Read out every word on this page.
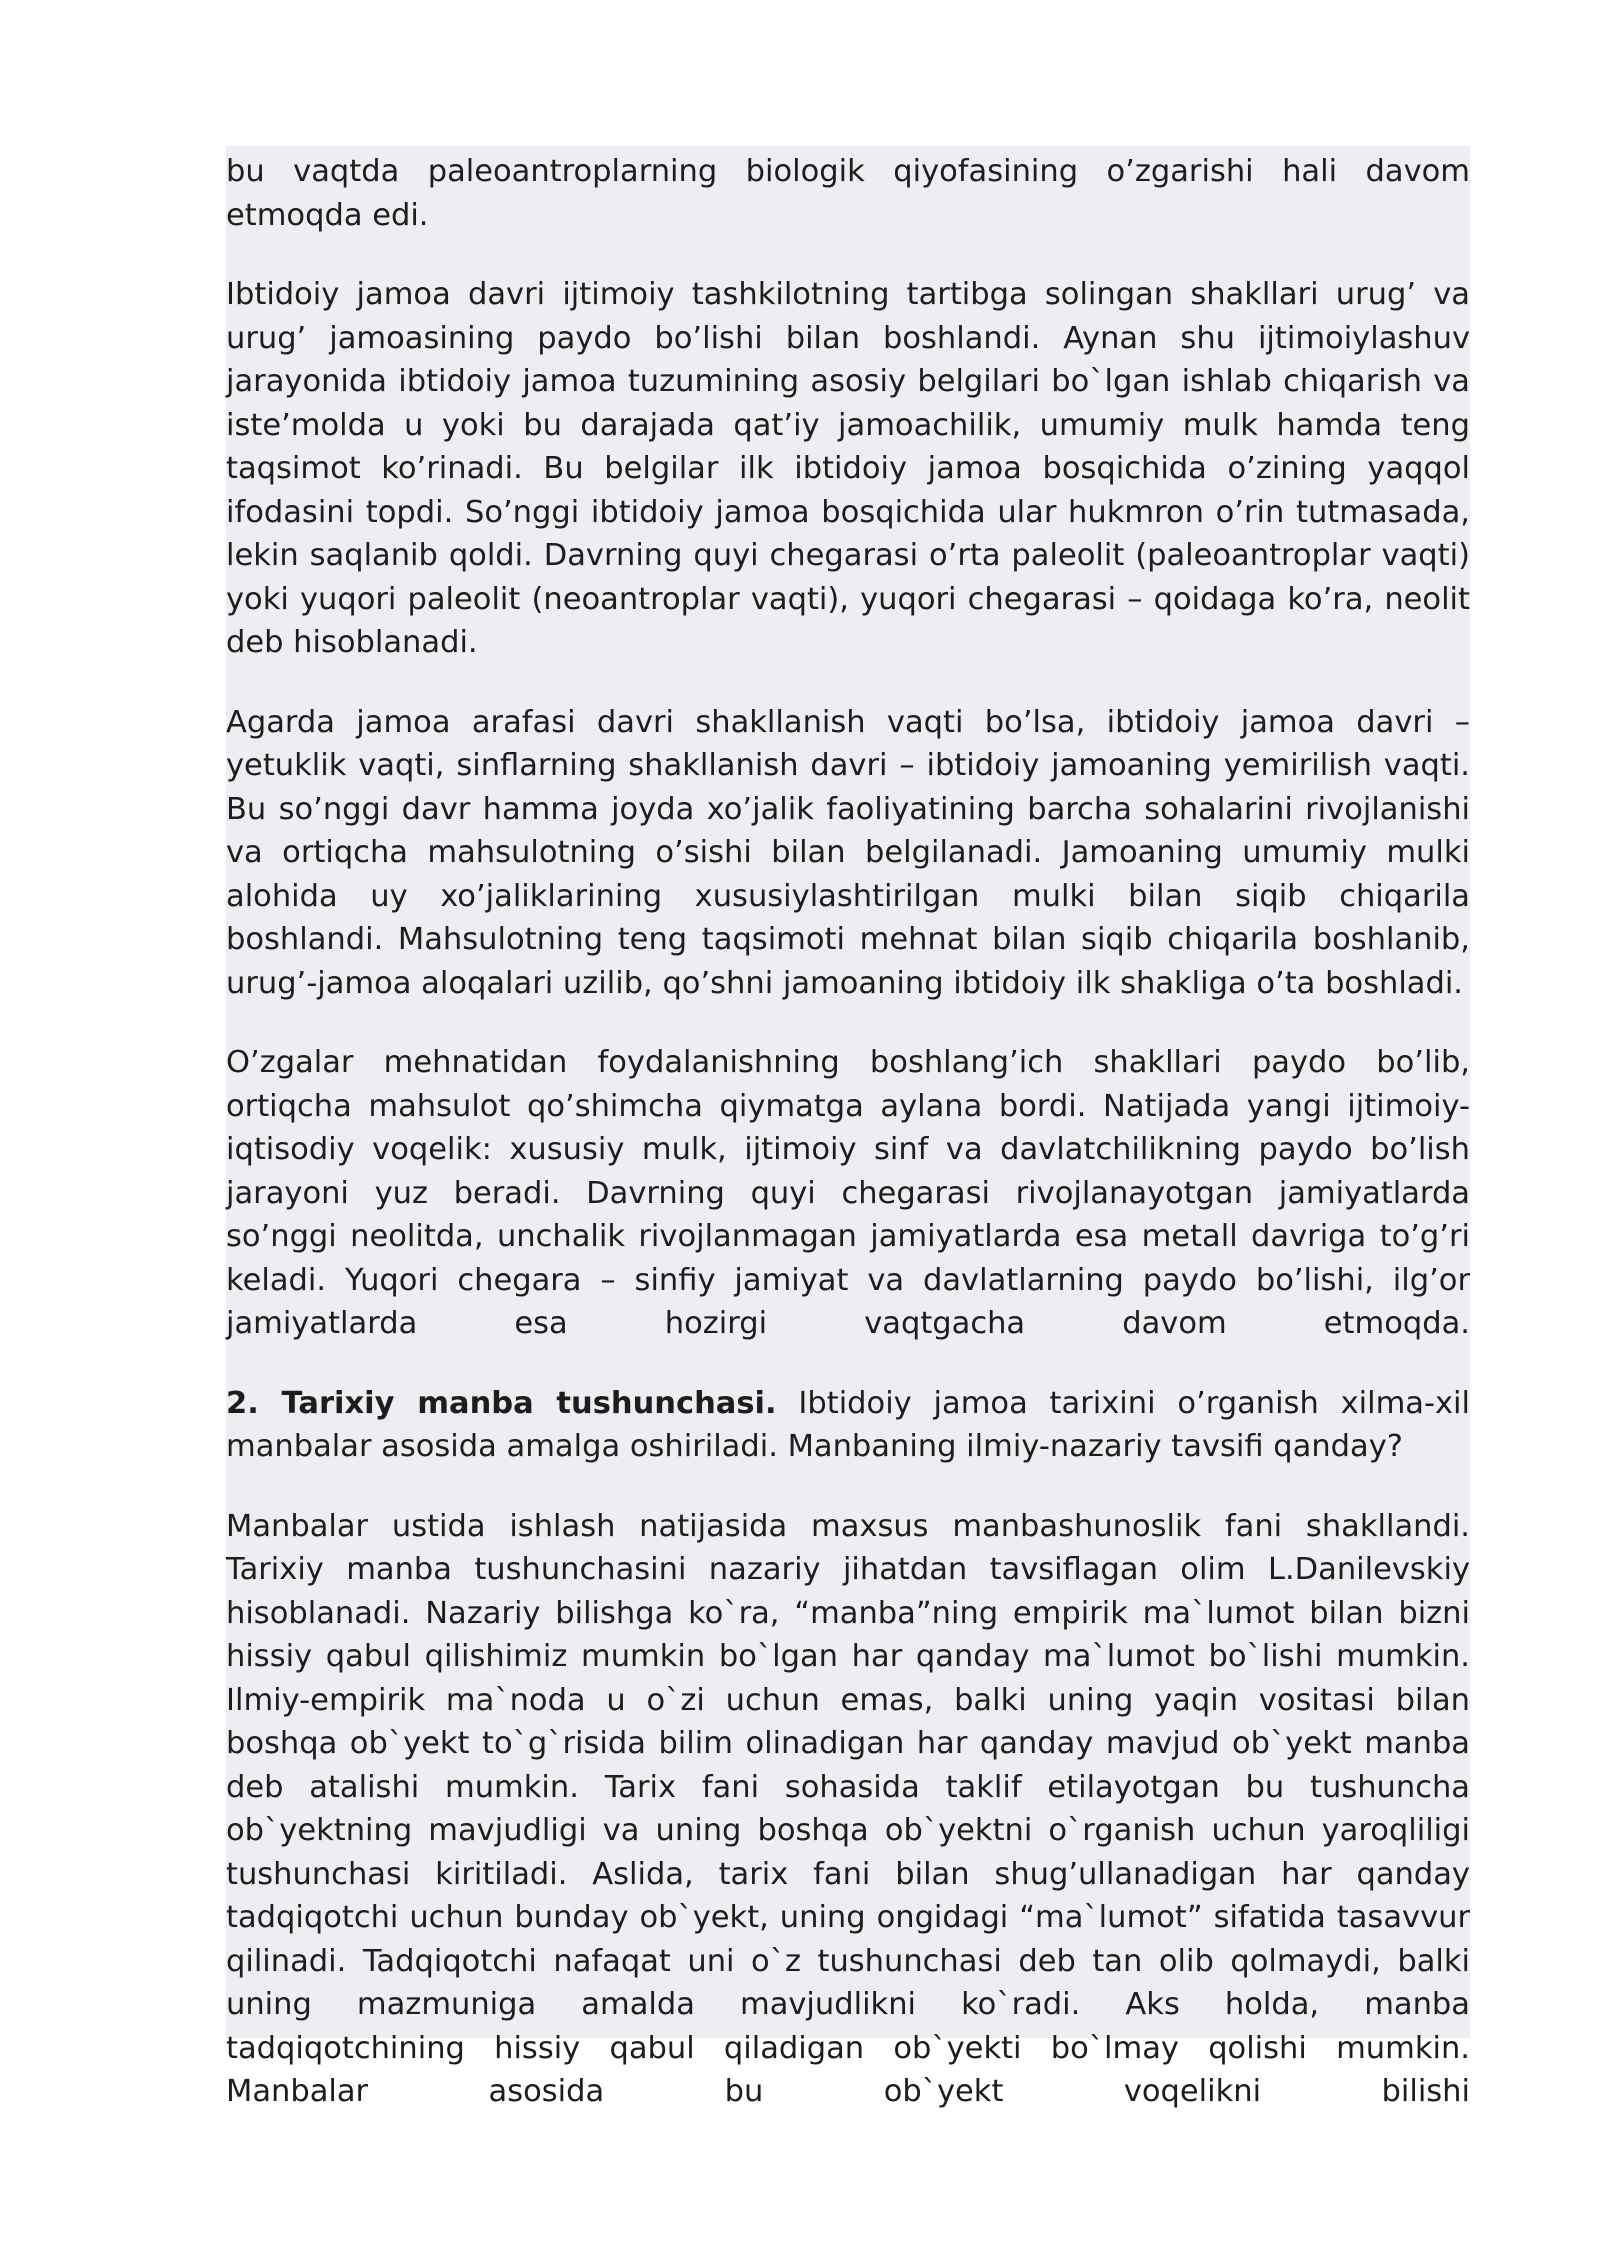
bu vaqtda paleoantroplarning biologik qiyofasining o’zgarishi hali davom etmoqda edi.

Ibtidoiy jamoa davri ijtimoiy tashkilotning tartibga solingan shakllari urug’ va urug’ jamoasining paydo bo’lishi bilan boshlandi. Aynan shu ijtimoiylashuv jarayonida ibtidoiy jamoa tuzumining asosiy belgilari bo`lgan ishlab chiqarish va iste’molda u yoki bu darajada qat’iy jamoachilik, umumiy mulk hamda teng taqsimot ko’rinadi. Bu belgilar ilk ibtidoiy jamoa bosqichida o’zining yaqqol ifodasini topdi. So’nggi ibtidoiy jamoa bosqichida ular hukmron o’rin tutmasada, lekin saqlanib qoldi. Davrning quyi chegarasi o’rta paleolit (paleoantroplar vaqti) yoki yuqori paleolit (neoantroplar vaqti), yuqori chegarasi – qoidaga ko’ra, neolit deb hisoblanadi.

Agarda jamoa arafasi davri shakllanish vaqti bo’lsa, ibtidoiy jamoa davri – yetuklik vaqti, sinflarning shakllanish davri – ibtidoiy jamoaning yemirilish vaqti. Bu so’nggi davr hamma joyda xo’jalik faoliyatining barcha sohalarini rivojlanishi va ortiqcha mahsulotning o’sishi bilan belgilanadi. Jamoaning umumiy mulki alohida uy xo’jaliklarining xususiylashtirilgan mulki bilan siqib chiqarila boshlandi. Mahsulotning teng taqsimoti mehnat bilan siqib chiqarila boshlanib, urug’-jamoa aloqalari uzilib, qo’shni jamoaning ibtidoiy ilk shakliga o’ta boshladi.

O’zgalar mehnatidan foydalanishning boshlang’ich shakllari paydo bo’lib, ortiqcha mahsulot qo’shimcha qiymatga aylana bordi. Natijada yangi ijtimoiy-iqtisodiy voqelik: xususiy mulk, ijtimoiy sinf va davlatchilikning paydo bo’lish jarayoni yuz beradi. Davrning quyi chegarasi rivojlanayotgan jamiyatlarda so’nggi neolitda, unchalik rivojlanmagan jamiyatlarda esa metall davriga to’g’ri keladi. Yuqori chegara – sinfiy jamiyat va davlatlarning paydo bo’lishi, ilg’or jamiyatlarda esa hozirgi vaqtgacha davom etmoqda.

2. Tarixiy manba tushunchasi. Ibtidoiy jamoa tarixini o’rganish xilma-xil manbalar asosida amalga oshiriladi. Manbaning ilmiy-nazariy tavsifi qanday?

Manbalar ustida ishlash natijasida maxsus manbashunoslik fani shakllandi. Tarixiy manba tushunchasini nazariy jihatdan tavsiflagan olim L.Danilevskiy hisoblanadi. Nazariy bilishga ko`ra, “manba”ning empirik ma`lumot bilan bizni hissiy qabul qilishimiz mumkin bo`lgan har qanday ma`lumot bo`lishi mumkin. Ilmiy-empirik ma`noda u o`zi uchun emas, balki uning yaqin vositasi bilan boshqa ob`yekt to`g`risida bilim olinadigan har qanday mavjud ob`yekt manba deb atalishi mumkin. Tarix fani sohasida taklif etilayotgan bu tushuncha ob`yektning mavjudligi va uning boshqa ob`yektni o`rganish uchun yaroqliligi tushunchasi kiritiladi. Aslida, tarix fani bilan shug’ullanadigan har qanday tadqiqotchi uchun bunday ob`yekt, uning ongidagi “ma`lumot” sifatida tasavvur qilinadi. Tadqiqotchi nafaqat uni o`z tushunchasi deb tan olib qolmaydi, balki uning mazmuniga amalda mavjudlikni ko`radi. Aks holda, manba tadqiqotchining hissiy qabul qiladigan ob`yekti bo`lmay qolishi mumkin. Manbalar asosida bu ob`yekt voqelikni bilishi
